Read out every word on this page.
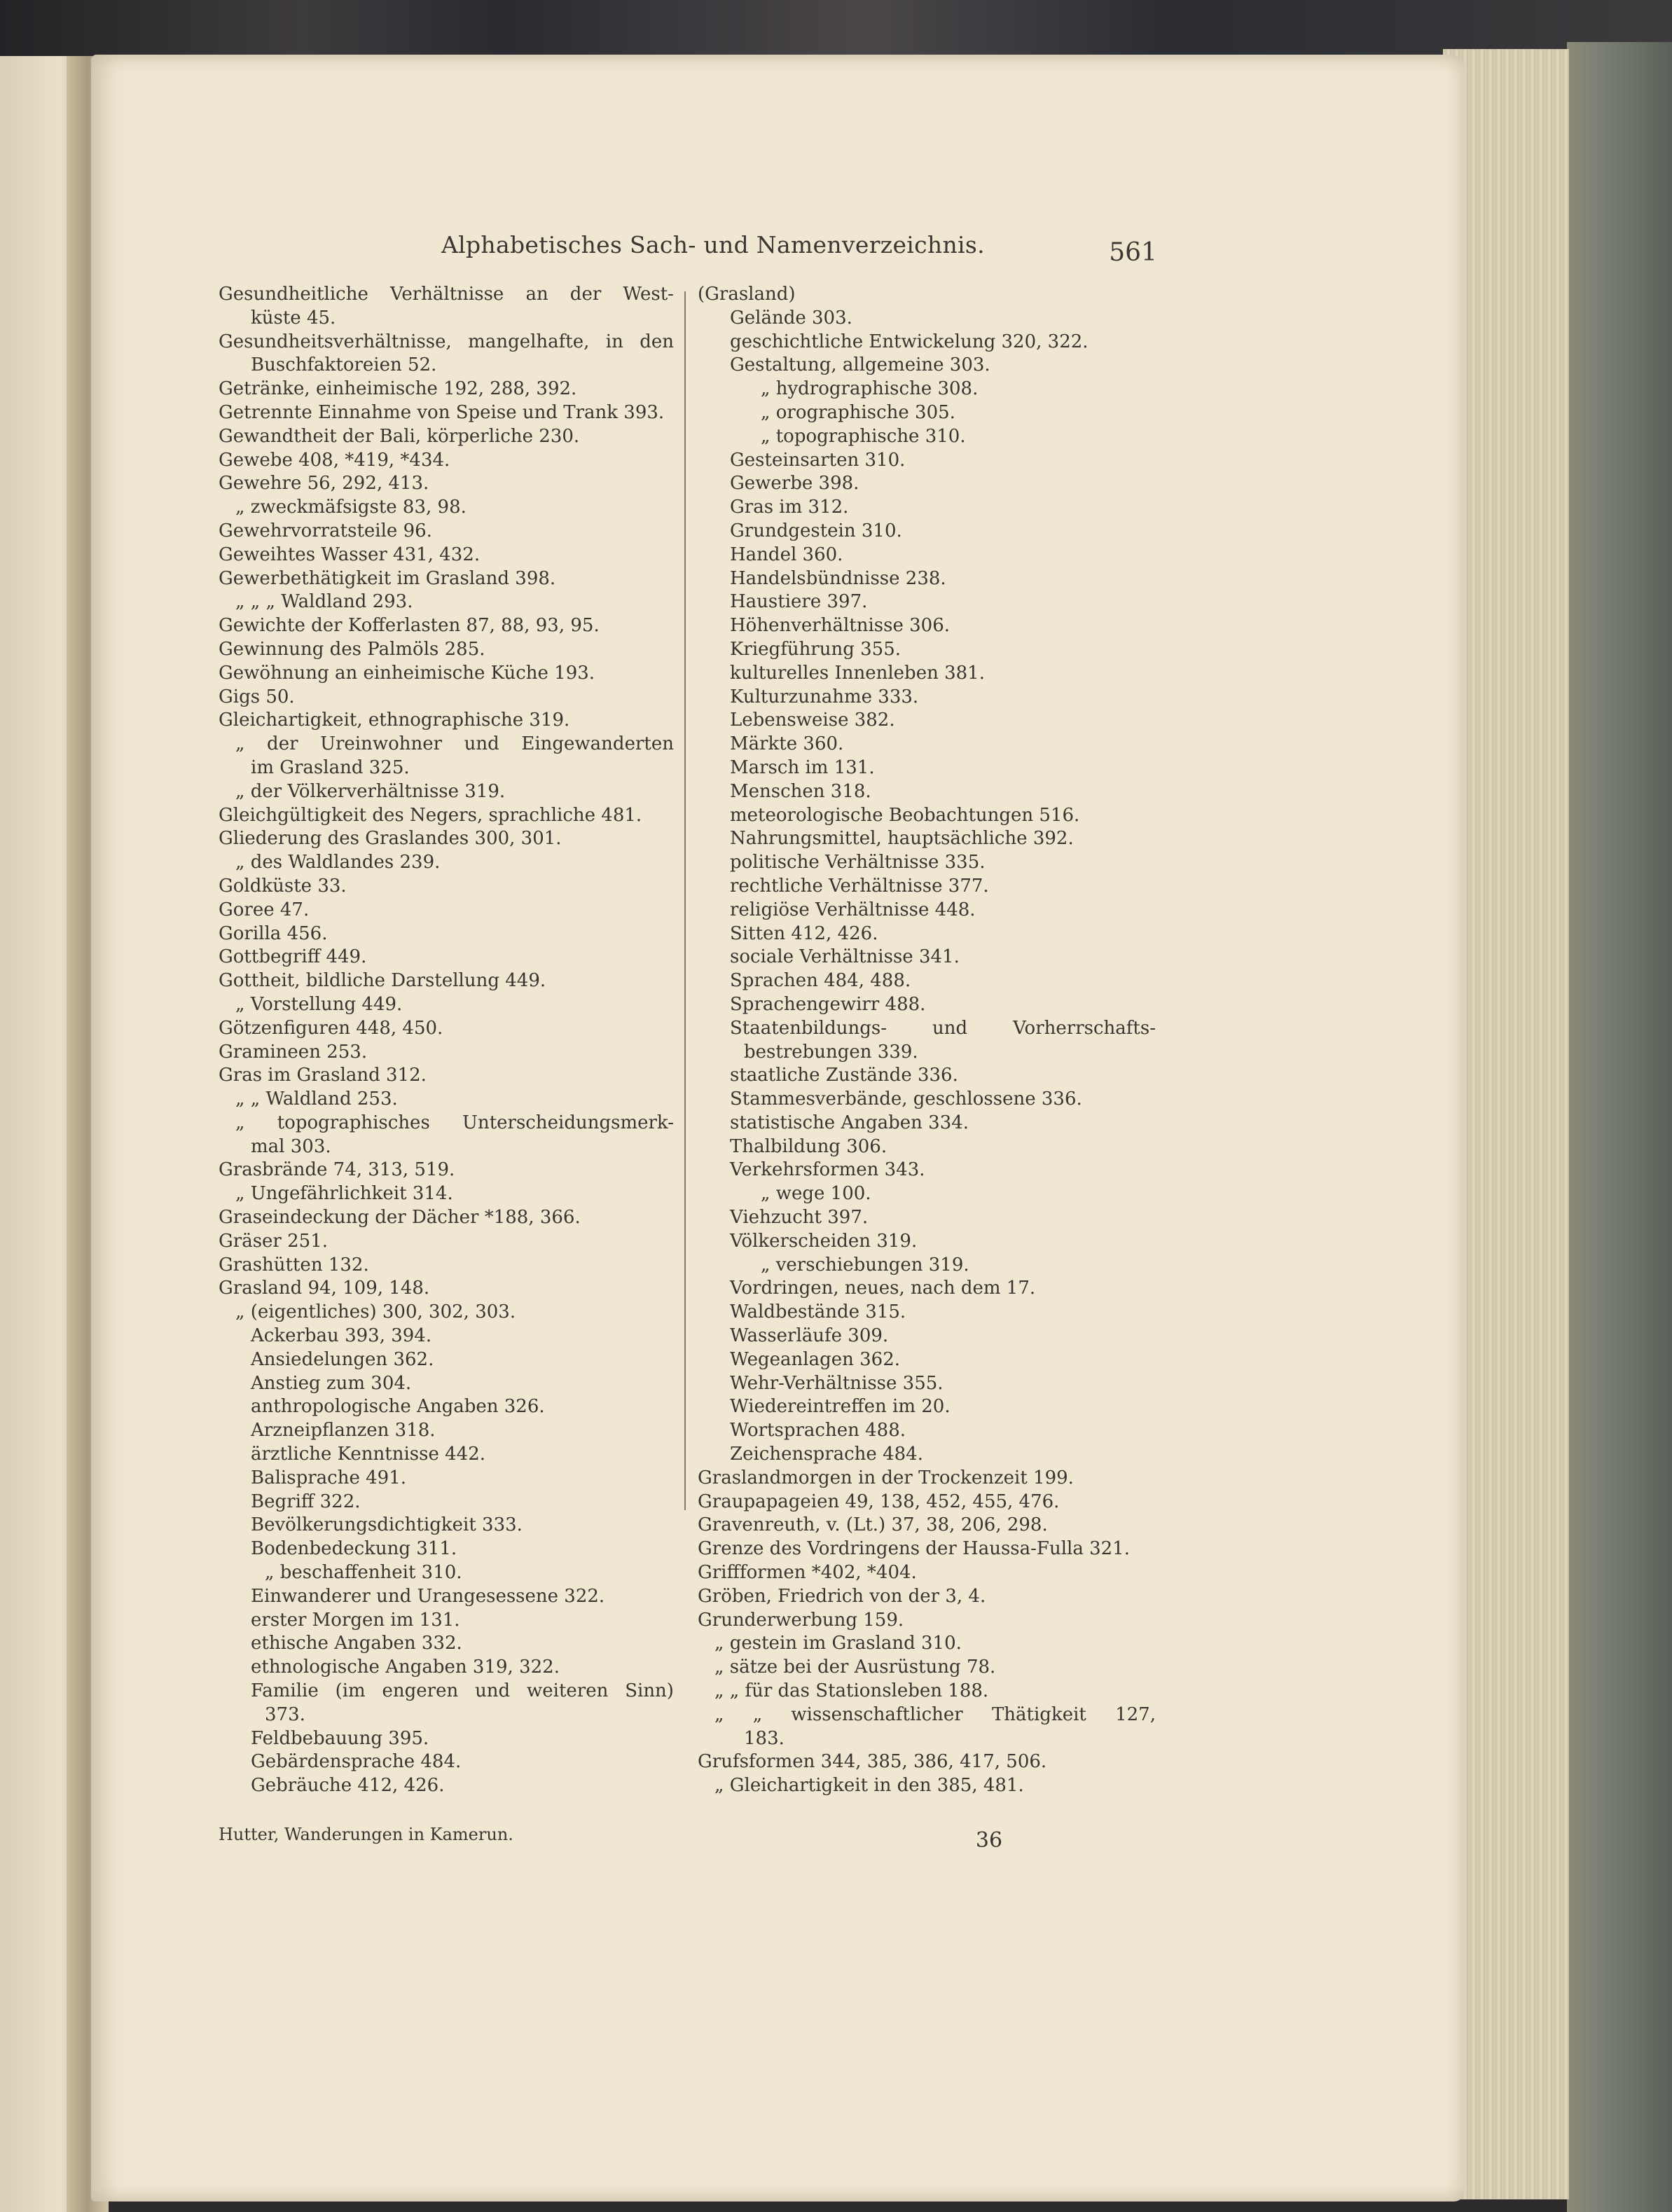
Alphabetisches Sach- und Namenverzeichnis.	561
Gesundheitliche Verhältnisse an der West-
küste 45.
Gesundheitsverhältnisse, mangelhafte, in den
Buschfaktoreien 52.
Getränke, einheimische 192, 288, 392.
Getrennte Einnahme von Speise und Trank 393.
Gewandtheit der Bali, körperliche 230.
Gewebe 408, *419, *434.
Gewehre 56, 292, 413.
„ zweckmäfsigste 83, 98.
Gewehrvorratsteile 96.
Geweihtes Wasser 431, 432.
Gewerbethätigkeit im Grasland 398.
„ „ „ Waldland 293.
Gewichte der Kofferlasten 87, 88, 93, 95.
Gewinnung des Palmöls 285.
Gewöhnung an einheimische Küche 193.
Gigs 50.
Gleichartigkeit, ethnographische 319.
„ der Ureinwohner und Eingewanderten
im Grasland 325.
„ der Völkerverhältnisse 319.
Gleichgültigkeit des Negers, sprachliche 481.
Gliederung des Graslandes 300, 301.
„ des Waldlandes 239.
Goldküste 33.
Goree 47.
Gorilla 456.
Gottbegriff 449.
Gottheit, bildliche Darstellung 449.
„ Vorstellung 449.
Götzenfiguren 448, 450.
Gramineen 253.
Gras im Grasland 312.
„ „ Waldland 253.
„ topographisches Unterscheidungsmerk-
mal 303.
Grasbrände 74, 313, 519.
„ Ungefährlichkeit 314.
Graseindeckung der Dächer *188, 366.
Gräser 251.
Grashütten 132.
Grasland 94, 109, 148.
„ (eigentliches) 300, 302, 303.
Ackerbau 393, 394.
Ansiedelungen 362.
Anstieg zum 304.
anthropologische Angaben 326.
Arzneipflanzen 318.
ärztliche Kenntnisse 442.
Balisprache 491.
Begriff 322.
Bevölkerungsdichtigkeit 333.
Bodenbedeckung 311.
„ beschaffenheit 310.
Einwanderer und Urangesessene 322.
erster Morgen im 131.
ethische Angaben 332.
ethnologische Angaben 319, 322.
Familie (im engeren und weiteren Sinn)
373.
Feldbebauung 395.
Gebärdensprache 484.
Gebräuche 412, 426.
(Grasland)
Gelände 303.
geschichtliche Entwickelung 320, 322.
Gestaltung, allgemeine 303.
„ hydrographische 308.
„ orographische 305.
„ topographische 310.
Gesteinsarten 310.
Gewerbe 398.
Gras im 312.
Grundgestein 310.
Handel 360.
Handelsbündnisse 238.
Haustiere 397.
Höhenverhältnisse 306.
Kriegführung 355.
kulturelles Innenleben 381.
Kulturzunahme 333.
Lebensweise 382.
Märkte 360.
Marsch im 131.
Menschen 318.
meteorologische Beobachtungen 516.
Nahrungsmittel, hauptsächliche 392.
politische Verhältnisse 335.
rechtliche Verhältnisse 377.
religiöse Verhältnisse 448.
Sitten 412, 426.
sociale Verhältnisse 341.
Sprachen 484, 488.
Sprachengewirr 488.
Staatenbildungs-	und	Vorherrschafts-
bestrebungen 339.
staatliche Zustände 336.
Stammesverbände, geschlossene 336.
statistische Angaben 334.
Thalbildung 306.
Verkehrsformen 343.
„ wege 100.
Viehzucht 397.
Völkerscheiden 319.
„ verschiebungen 319.
Vordringen, neues, nach dem 17.
Waldbestände 315.
Wasserläufe 309.
Wegeanlagen 362.
Wehr-Verhältnisse 355.
Wiedereintreffen im 20.
Wortsprachen 488.
Zeichensprache 484.
Graslandmorgen in der Trockenzeit 199.
Graupapageien 49, 138, 452, 455, 476.
Gravenreuth, v. (Lt.) 37, 38, 206, 298.
Grenze des Vordringens der Haussa-Fulla 321.
Griffformen *402, *404.
Gröben, Friedrich von der 3, 4.
Grunderwerbung 159.
„ gestein im Grasland 310.
„ sätze bei der Ausrüstung 78.
„ „ für das Stationsleben 188.
„ „ wissenschaftlicher Thätigkeit 127,
183.
Grufsformen 344, 385, 386, 417, 506.
„ Gleichartigkeit in den 385, 481.
Hutter, Wanderungen in Kamerun.	36
